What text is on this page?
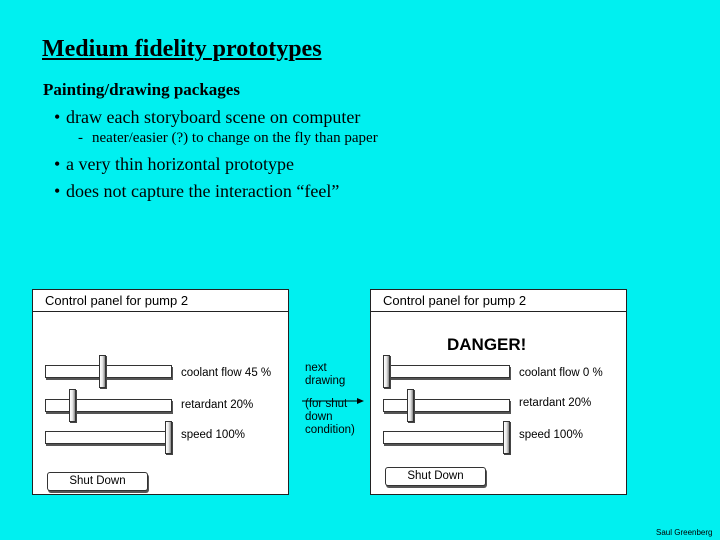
Medium fidelity prototypes
Painting/drawing packages
• draw each storyboard scene on computer
- neater/easier (?) to change on the fly than paper
• a very thin horizontal prototype
• does not capture the interaction “feel”
Control panel for pump 2
coolant flow 45 %
retardant 20%
speed 100%
Shut Down
next
drawing
(for shut
down
condition)
Control panel for pump 2
DANGER!
coolant flow 0 %
retardant 20%
speed 100%
Shut Down
Saul Greenberg
